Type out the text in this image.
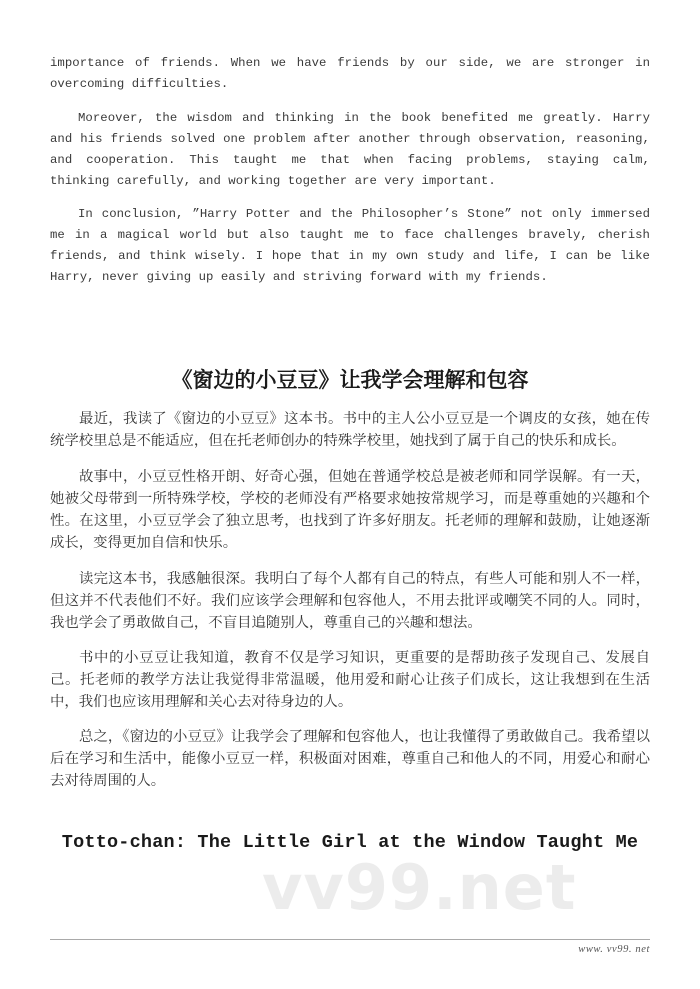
importance of friends. When we have friends by our side, we are stronger in overcoming difficulties.

Moreover, the wisdom and thinking in the book benefited me greatly. Harry and his friends solved one problem after another through observation, reasoning, and cooperation. This taught me that when facing problems, staying calm, thinking carefully, and working together are very important.

In conclusion, ”Harry Potter and the Philosopher’s Stone” not only immersed me in a magical world but also taught me to face challenges bravely, cherish friends, and think wisely. I hope that in my own study and life, I can be like Harry, never giving up easily and striving forward with my friends.

《窗边的小豆豆》让我学会理解和包容

最近，我读了《窗边的小豆豆》这本书。书中的主人公小豆豆是一个调皮的女孩，她在传统学校里总是不能适应，但在托老师创办的特殊学校里，她找到了属于自己的快乐和成长。

故事中，小豆豆性格开朗、好奇心强，但她在普通学校总是被老师和同学误解。有一天，她被父母带到一所特殊学校，学校的老师没有严格要求她按常规学习，而是尊重她的兴趣和个性。在这里，小豆豆学会了独立思考，也找到了许多好朋友。托老师的理解和鼓励，让她逐渐成长，变得更加自信和快乐。

读完这本书，我感触很深。我明白了每个人都有自己的特点，有些人可能和别人不一样，但这并不代表他们不好。我们应该学会理解和包容他人，不用去批评或嘲笑不同的人。同时，我也学会了勇敢做自己，不盲目追随别人，尊重自己的兴趣和想法。

书中的小豆豆让我知道，教育不仅是学习知识，更重要的是帮助孩子发现自己、发展自己。托老师的教学方法让我觉得非常温暖，他用爱和耐心让孩子们成长，这让我想到在生活中，我们也应该用理解和关心去对待身边的人。

总之，《窗边的小豆豆》让我学会了理解和包容他人，也让我懂得了勇敢做自己。我希望以后在学习和生活中，能像小豆豆一样，积极面对困难，尊重自己和他人的不同，用爱心和耐心去对待周围的人。

vv99.net
Totto-chan: The Little Girl at the Window Taught Me
www. vv99. net
